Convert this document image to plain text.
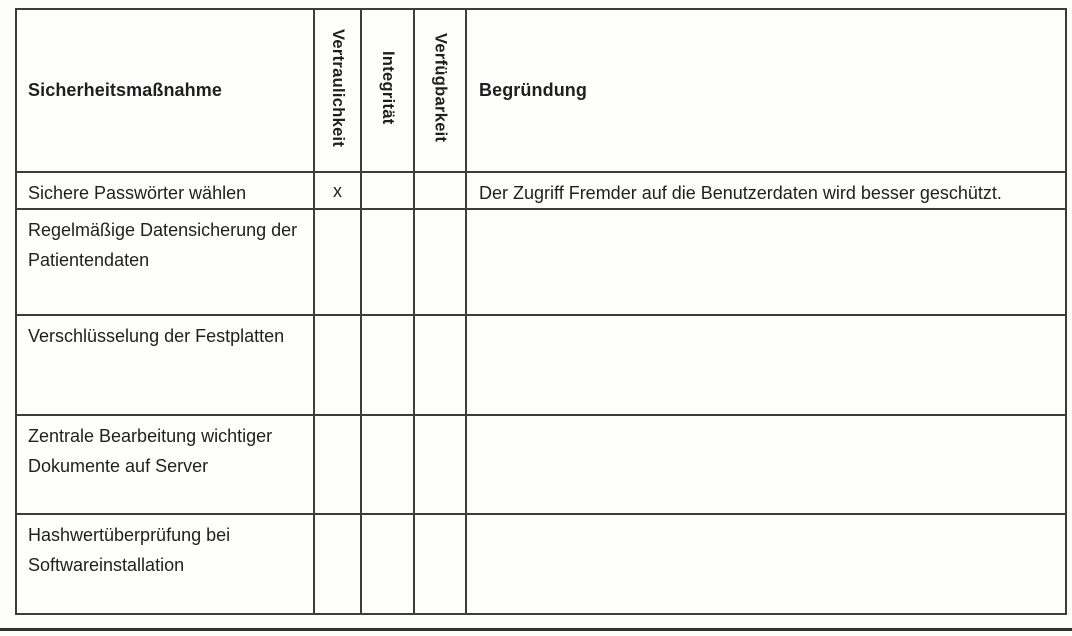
Sicherheitsmaßnahme	Vertraulichkeit	Integrität	Verfügbarkeit	Begründung
Sichere Passwörter wählen	x			Der Zugriff Fremder auf die Benutzerdaten wird besser geschützt.
Regelmäßige Datensicherung der Patientendaten				
Verschlüsselung der Festplatten				
Zentrale Bearbeitung wichtiger Dokumente auf Server				
Hashwertüberprüfung bei Softwareinstallation				
